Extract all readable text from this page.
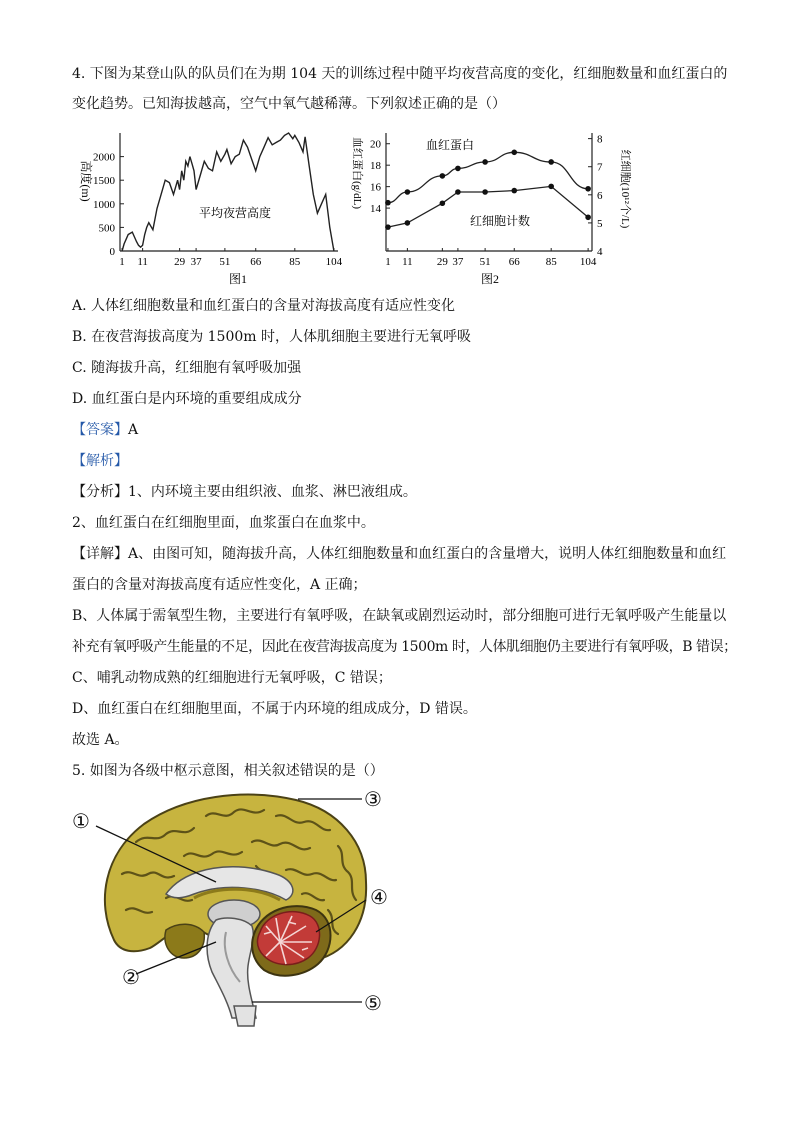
4. 下图为某登山队的队员们在为期 104 天的训练过程中随平均夜营高度的变化，红细胞数量和血红蛋白的
变化趋势。已知海拔越高，空气中氧气越稀薄。下列叙述正确的是（）
0
500
1000
1500
2000
1 11 29 37 51 66	85 104
平均夜营高度
高度(m)
图1
14
16
18
20
4
5
6
7
8
1 11 29 37 51 66 85 104
血红蛋白
红细胞计数
血红蛋白(g/dL)	红细胞(10¹²个/L)
图2
A. 人体红细胞数量和血红蛋白的含量对海拔高度有适应性变化
B. 在夜营海拔高度为 1500m 时，人体肌细胞主要进行无氧呼吸
C. 随海拔升高，红细胞有氧呼吸加强
D. 血红蛋白是内环境的重要组成成分
【答案】A
【解析】
【分析】1、内环境主要由组织液、血浆、淋巴液组成。
2、血红蛋白在红细胞里面，血浆蛋白在血浆中。
【详解】A、由图可知，随海拔升高，人体红细胞数量和血红蛋白的含量增大，说明人体红细胞数量和血红
蛋白的含量对海拔高度有适应性变化，A 正确；
B、人体属于需氧型生物，主要进行有氧呼吸，在缺氧或剧烈运动时，部分细胞可进行无氧呼吸产生能量以
补充有氧呼吸产生能量的不足，因此在夜营海拔高度为 1500m 时，人体肌细胞仍主要进行有氧呼吸，B 错误；
C、哺乳动物成熟的红细胞进行无氧呼吸，C 错误；
D、血红蛋白在红细胞里面，不属于内环境的组成成分，D 错误。
故选 A。
5. 如图为各级中枢示意图，相关叙述错误的是（）
①
②
③
④
⑤
